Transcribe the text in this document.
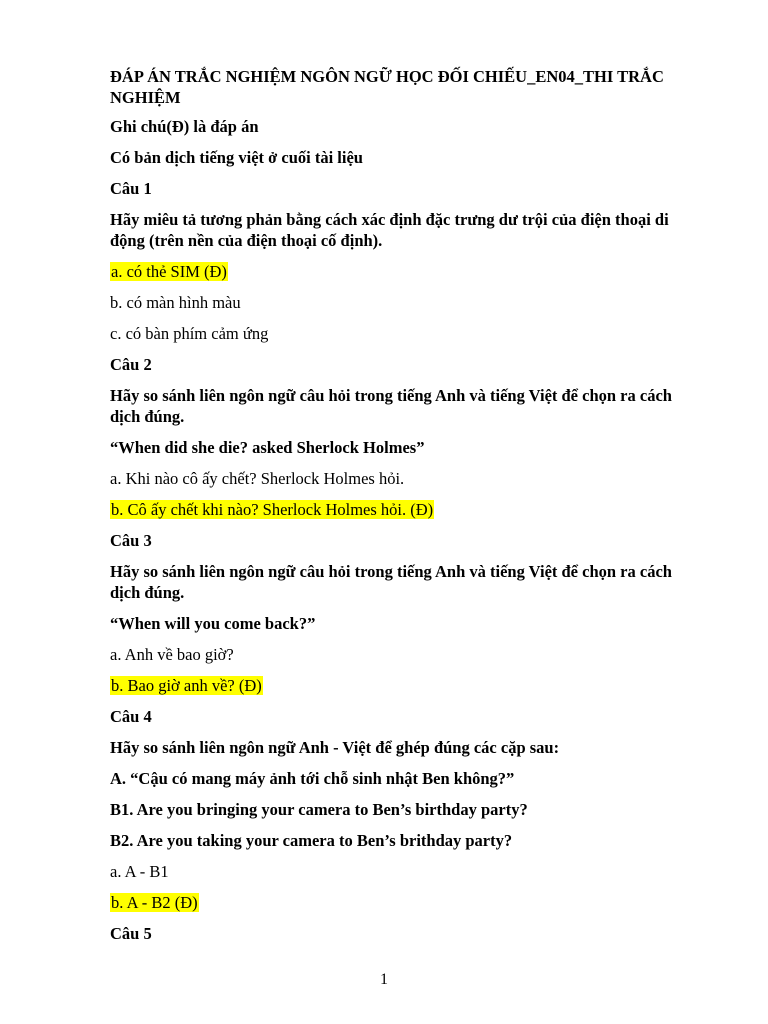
ĐÁP ÁN TRẮC NGHIỆM NGÔN NGỮ HỌC ĐỐI CHIẾU_EN04_THI TRẮC NGHIỆM
Ghi chú(Đ) là đáp án
Có bản dịch tiếng việt ở cuối tài liệu
Câu 1
Hãy miêu tả tương phản bằng cách xác định đặc trưng dư trội của điện thoại di động (trên nền của điện thoại cố định).
a. có thẻ SIM (Đ)
b. có màn hình màu
c. có bàn phím cảm ứng
Câu 2
Hãy so sánh liên ngôn ngữ câu hỏi trong tiếng Anh và tiếng Việt để chọn ra cách dịch đúng.
“When did she die? asked Sherlock Holmes”
a. Khi nào cô ấy chết? Sherlock Holmes hỏi.
b. Cô ấy chết khi nào? Sherlock Holmes hỏi. (Đ)
Câu 3
Hãy so sánh liên ngôn ngữ câu hỏi trong tiếng Anh và tiếng Việt để chọn ra cách dịch đúng.
“When will you come back?”
a. Anh về bao giờ?
b. Bao giờ anh về? (Đ)
Câu 4
Hãy so sánh liên ngôn ngữ Anh - Việt để ghép đúng các cặp sau:
A. “Cậu có mang máy ảnh tới chỗ sinh nhật Ben không?”
B1. Are you bringing your camera to Ben’s birthday party?
B2. Are you taking your camera to Ben’s brithday party?
a. A - B1
b. A - B2 (Đ)
Câu 5
1
